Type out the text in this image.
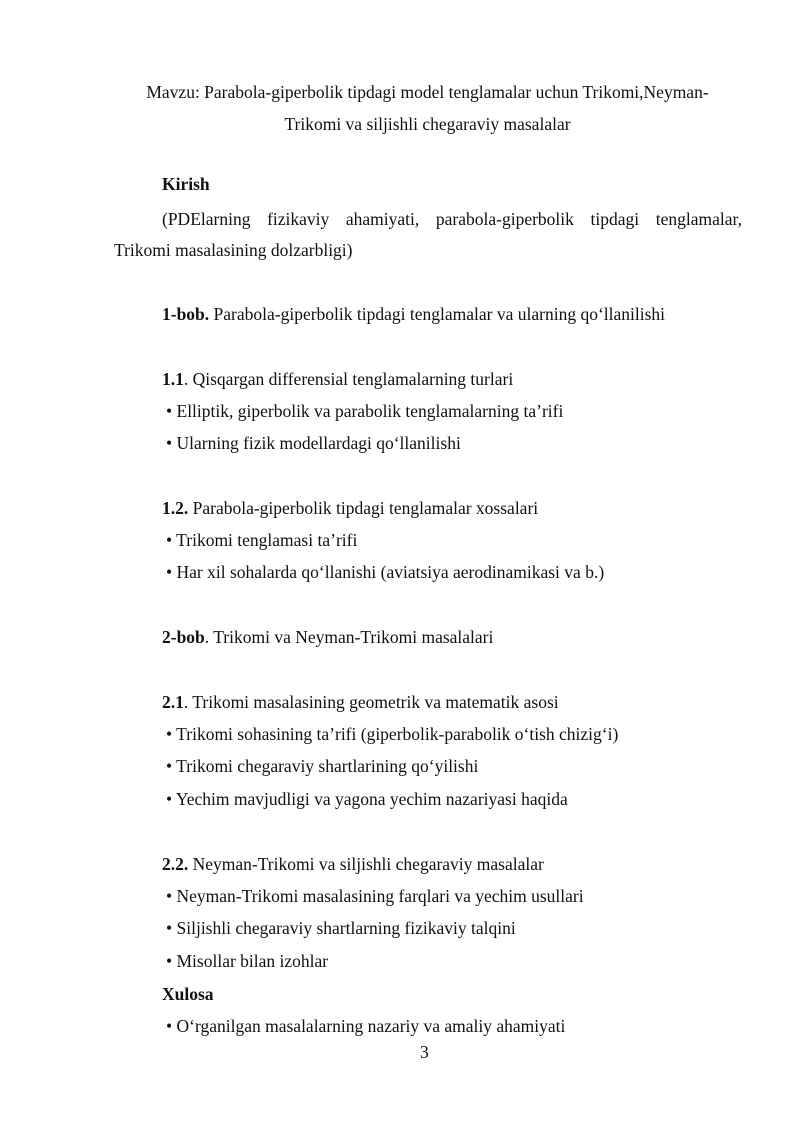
Mavzu: Parabola-giperbolik tipdagi model tenglamalar uchun Trikomi,Neyman-
Trikomi va siljishli chegaraviy masalalar
Kirish
(PDElarning fizikaviy ahamiyati, parabola-giperbolik tipdagi tenglamalar,
Trikomi masalasining dolzarbligi)
1-bob. Parabola-giperbolik tipdagi tenglamalar va ularning qo‘llanilishi
1.1. Qisqargan differensial tenglamalarning turlari
• Elliptik, giperbolik va parabolik tenglamalarning ta’rifi
• Ularning fizik modellardagi qo‘llanilishi
1.2. Parabola-giperbolik tipdagi tenglamalar xossalari
• Trikomi tenglamasi ta’rifi
• Har xil sohalarda qo‘llanishi (aviatsiya aerodinamikasi va b.)
2-bob. Trikomi va Neyman-Trikomi masalalari
2.1. Trikomi masalasining geometrik va matematik asosi
• Trikomi sohasining ta’rifi (giperbolik-parabolik o‘tish chizig‘i)
• Trikomi chegaraviy shartlarining qo‘yilishi
• Yechim mavjudligi va yagona yechim nazariyasi haqida
2.2. Neyman-Trikomi va siljishli chegaraviy masalalar
• Neyman-Trikomi masalasining farqlari va yechim usullari
• Siljishli chegaraviy shartlarning fizikaviy talqini
• Misollar bilan izohlar
Xulosa
• O‘rganilgan masalalarning nazariy va amaliy ahamiyati
3
